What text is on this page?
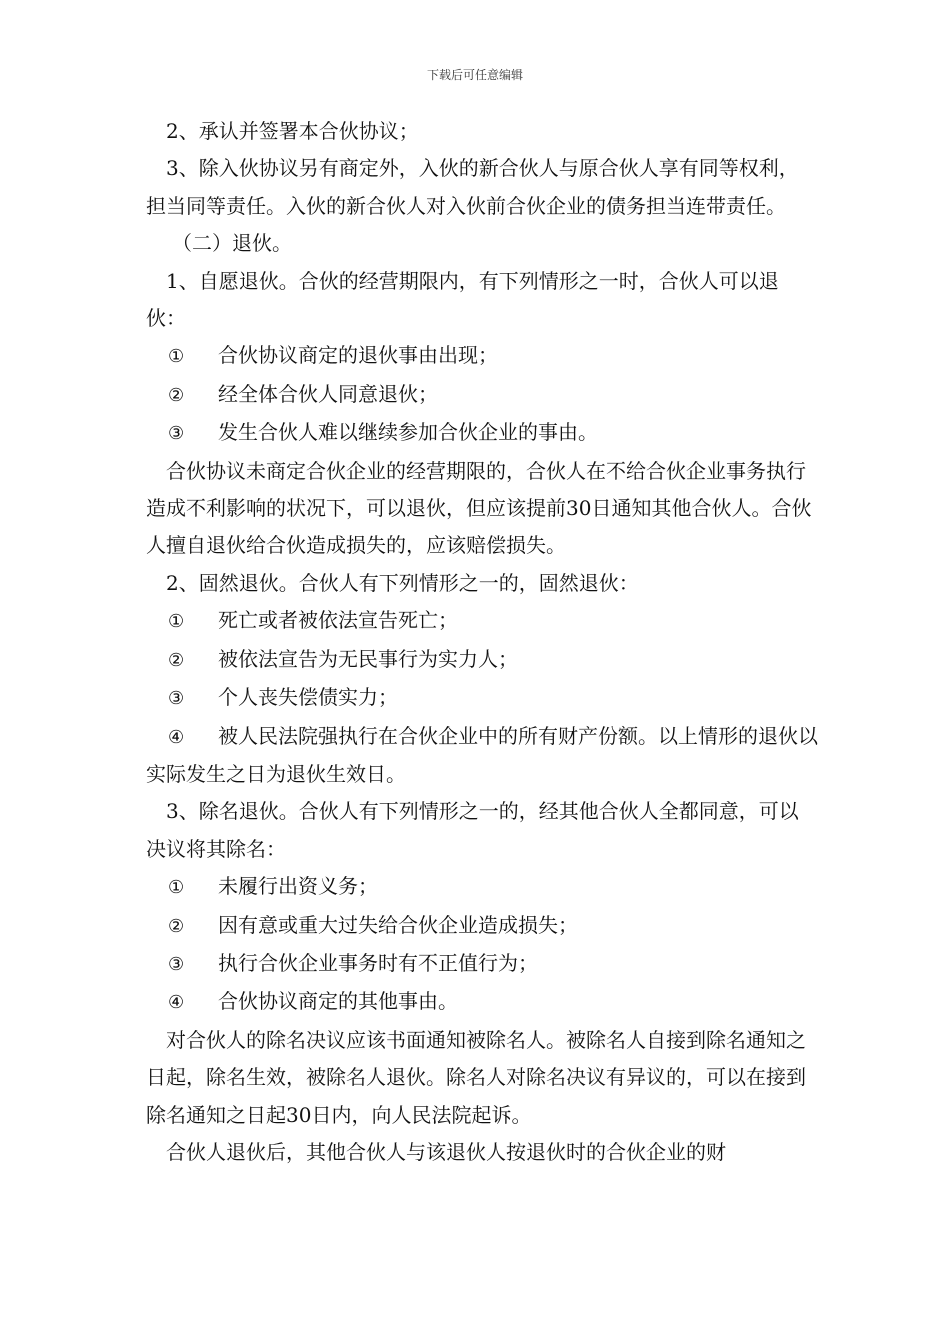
下载后可任意编辑

2、承认并签署本合伙协议；

3、除入伙协议另有商定外，入伙的新合伙人与原合伙人享有同等权利，担当同等责任。入伙的新合伙人对入伙前合伙企业的债务担当连带责任。

（二）退伙。

1、自愿退伙。合伙的经营期限内，有下列情形之一时，合伙人可以退伙：

① 合伙协议商定的退伙事由出现；

② 经全体合伙人同意退伙；

③ 发生合伙人难以继续参加合伙企业的事由。

合伙协议未商定合伙企业的经营期限的，合伙人在不给合伙企业事务执行造成不利影响的状况下，可以退伙，但应该提前30日通知其他合伙人。合伙人擅自退伙给合伙造成损失的，应该赔偿损失。

2、固然退伙。合伙人有下列情形之一的，固然退伙：

① 死亡或者被依法宣告死亡；

② 被依法宣告为无民事行为实力人；

③ 个人丧失偿债实力；

④ 被人民法院强执行在合伙企业中的所有财产份额。以上情形的退伙以实际发生之日为退伙生效日。

3、除名退伙。合伙人有下列情形之一的，经其他合伙人全都同意，可以决议将其除名：

① 未履行出资义务；

② 因有意或重大过失给合伙企业造成损失；

③ 执行合伙企业事务时有不正值行为；

④ 合伙协议商定的其他事由。

对合伙人的除名决议应该书面通知被除名人。被除名人自接到除名通知之日起，除名生效，被除名人退伙。除名人对除名决议有异议的，可以在接到除名通知之日起30日内，向人民法院起诉。

合伙人退伙后，其他合伙人与该退伙人按退伙时的合伙企业的财
